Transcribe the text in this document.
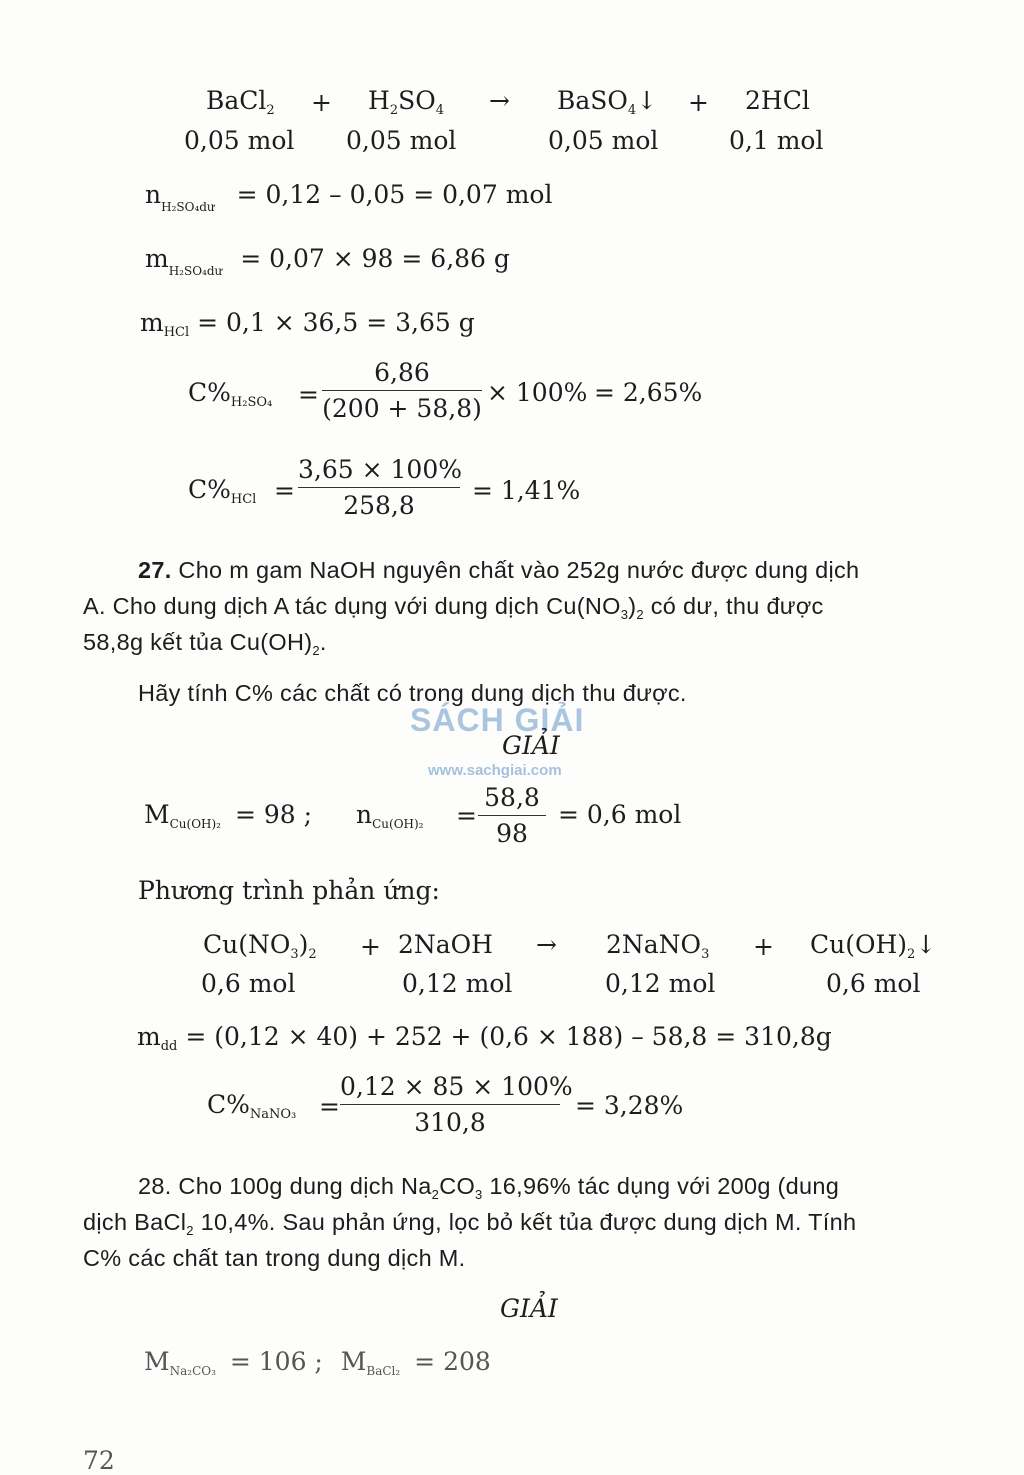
BaCl$_2$ + $H_2SO_4$ → BaSO$_4$↓ + 2HCl
0,05 mol 0,05 mol	0,05 mol	0,1 mol
$n_{H_2SO_4dư} = 0,12 - 0,05 = 0,07$ mol
$m_{H_2SO_4dư} = 0,07 \times 98 = 6,86$ g
$m_{HCl} = 0,1 \times 36,5 = 3,65$ g
$C\%_{H_2SO_4}$ =
6,86
(200 + 58,8)
× 100% = 2,65%
$C\%_{HCl}$ =
3,65 × 100%
258,8
= 1,41%
27. Cho m gam NaOH nguyên chất vào 252g nước được dung dịch
A. Cho dung dịch A tác dụng với dung dịch $Cu(NO_3)_2$ có dư, thu được
58,8g kết tủa $Cu(OH)_2$.
Hãy tính C% các chất có trong dung dịch thu được.
SÁCH GIẢI
www.sachgiai.com
GIẢI
$M_{Cu(OH)_2} = 98$ ; $n_{Cu(OH)_2}$ =
58,8
98
= 0,6 mol
Phương trình phản ứng:
$Cu(NO_3)_2$ + 2NaOH → 2NaNO$_3$ + $Cu(OH)_2↓$
0,6 mol	0,12 mol	0,12 mol	0,6 mol
$m_{dd} = (0,12 \times 40) + 252 + (0,6 \times 188) - 58,8 = 310,8g$
$C\%_{NaNO_3}$ =
0,12 × 85 × 100%
310,8
= 3,28%
28. Cho 100g dung dịch $Na_2CO_3$ 16,96% tác dụng với 200g (dung
dịch BaCl$_2$ 10,4%. Sau phản ứng, lọc bỏ kết tủa được dung dịch M. Tính
C% các chất tan trong dung dịch M.
GIẢI
$M_{Na_2CO_3} = 106$ ; $M_{BaCl_2} = 208$
72
